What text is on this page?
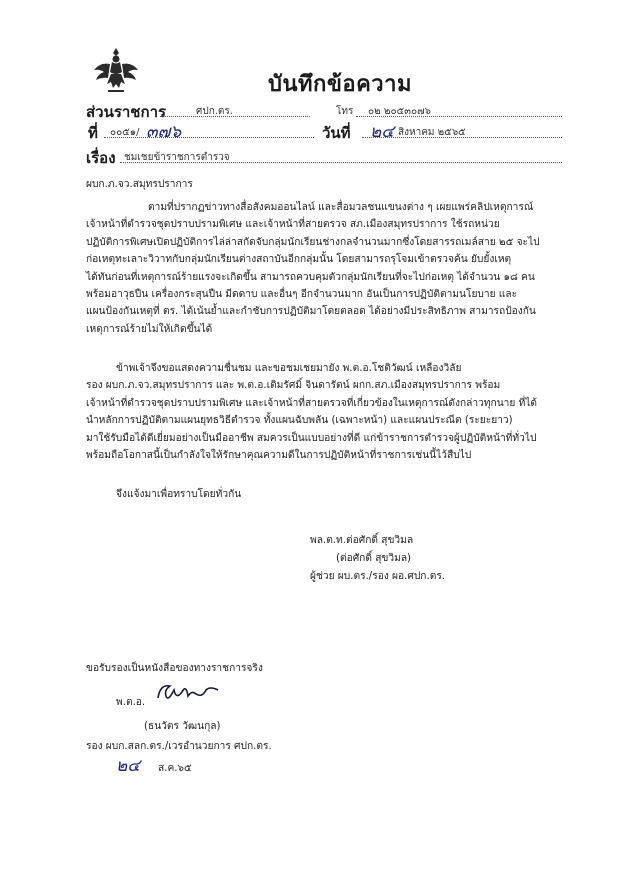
บันทึกข้อความ
ส่วนราชการ	ศปก.ตร.	โทร ๐๒ ๒๐๕๓๐๗๖
ที่ ๐๐๕๑/ ๓๗๖	วันที่ ๒๔ สิงหาคม ๒๕๖๕
เรื่อง ชมเชยข้าราชการตำรวจ
ผบก.ภ.จว.สมุทรปราการ
ตามที่ปรากฏข่าวทางสื่อสังคมออนไลน์ และสื่อมวลชนแขนงต่าง ๆ เผยแพร่คลิปเหตุการณ์
เจ้าหน้าที่ตำรวจชุดปราบปรามพิเศษ และเจ้าหน้าที่สายตรวจ สภ.เมืองสมุทรปราการ ใช้รถหน่วย
ปฏิบัติการพิเศษเปิดปฏิบัติการไล่ล่าสกัดจับกลุ่มนักเรียนช่างกลจำนวนมากซึ่งโดยสารรถเมล์สาย ๒๕ จะไป
ก่อเหตุทะเลาะวิวาทกับกลุ่มนักเรียนต่างสถาบันอีกกลุ่มนั้น โดยสามารถรุโจมเข้าตรวจค้น ยับยั้งเหตุ
ได้ทันก่อนที่เหตุการณ์ร้ายแรงจะเกิดขึ้น สามารถควบคุมตัวกลุ่มนักเรียนที่จะไปก่อเหตุ ได้จำนวน ๑๘ คน
พร้อมอาวุธปืน เครื่องกระสุนปืน มีดดาบ และอื่นๆ อีกจำนวนมาก อันเป็นการปฏิบัติตามนโยบาย และ
แผนป้องกันเหตุที่ ตร. ได้เน้นย้ำและกำชับการปฏิบัติมาโดยตลอด ได้อย่างมีประสิทธิภาพ สามารถป้องกัน
เหตุการณ์ร้ายไม่ให้เกิดขึ้นได้
ข้าพเจ้าจึงขอแสดงความชื่นชม และขอชมเชยมายัง พ.ต.อ.โชติวัฒน์ เหลืองวิลัย
รอง ผบก.ภ.จว.สมุทรปราการ และ พ.ต.อ.เติมรัศมิ์ จินดารัตน์ ผกก.สภ.เมืองสมุทรปราการ พร้อม
เจ้าหน้าที่ตำรวจชุดปราบปรามพิเศษ และเจ้าหน้าที่สายตรวจที่เกี่ยวข้องในเหตุการณ์ดังกล่าวทุกนาย ที่ได้
นำหลักการปฏิบัติตามแผนยุทธวิธีตำรวจ ทั้งแผนฉับพลัน (เฉพาะหน้า) และแผนประณีต (ระยะยาว)
มาใช้รับมือได้ดีเยี่ยมอย่างเป็นมืออาชีพ สมควรเป็นแบบอย่างที่ดี แก่ข้าราชการตำรวจผู้ปฏิบัติหน้าที่ทั่วไป
พร้อมถือโอกาสนี้เป็นกำลังใจให้รักษาคุณความดีในการปฏิบัติหน้าที่ราชการเช่นนี้ไว้สืบไป
จึงแจ้งมาเพื่อทราบโดยทั่วกัน
พล.ต.ท.ต่อศักดิ์ สุขวิมล
(ต่อศักดิ์ สุขวิมล)
ผู้ช่วย ผบ.ตร./รอง ผอ.ศปก.ตร.
ขอรับรองเป็นหนังสือของทางราชการจริง
พ.ต.อ.
(ธนวัตร วัฒนกุล)
รอง ผบก.สลก.ตร./เวรอำนวยการ ศปก.ตร.
๒๔ ส.ค.๖๕
